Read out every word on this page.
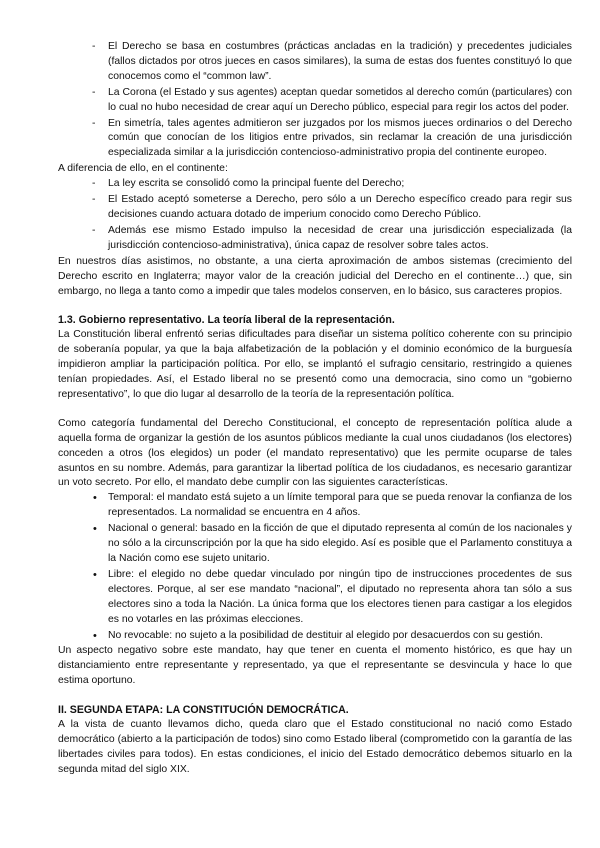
- El Derecho se basa en costumbres (prácticas ancladas en la tradición) y precedentes judiciales (fallos dictados por otros jueces en casos similares), la suma de estas dos fuentes constituyó lo que conocemos como el “common law”.
- La Corona (el Estado y sus agentes) aceptan quedar sometidos al derecho común (particulares) con lo cual no hubo necesidad de crear aquí un Derecho público, especial para regir los actos del poder.
- En simetría, tales agentes admitieron ser juzgados por los mismos jueces ordinarios o del Derecho común que conocían de los litigios entre privados, sin reclamar la creación de una jurisdicción especializada similar a la jurisdicción contencioso-administrativo propia del continente europeo.

A diferencia de ello, en el continente:

- La ley escrita se consolidó como la principal fuente del Derecho;
- El Estado aceptó someterse a Derecho, pero sólo a un Derecho específico creado para regir sus decisiones cuando actuara dotado de imperium conocido como Derecho Público.
- Además ese mismo Estado impulso la necesidad de crear una jurisdicción especializada (la jurisdicción contencioso-administrativa), única capaz de resolver sobre tales actos.

En nuestros días asistimos, no obstante, a una cierta aproximación de ambos sistemas (crecimiento del Derecho escrito en Inglaterra; mayor valor de la creación judicial del Derecho en el continente…) que, sin embargo, no llega a tanto como a impedir que tales modelos conserven, en lo básico, sus caracteres propios.

1.3. Gobierno representativo. La teoría liberal de la representación.

La Constitución liberal enfrentó serias dificultades para diseñar un sistema político coherente con su principio de soberanía popular, ya que la baja alfabetización de la población y el dominio económico de la burguesía impidieron ampliar la participación política. Por ello, se implantó el sufragio censitario, restringido a quienes tenían propiedades. Así, el Estado liberal no se presentó como una democracia, sino como un “gobierno representativo”, lo que dio lugar al desarrollo de la teoría de la representación política.

Como categoría fundamental del Derecho Constitucional, el concepto de representación política alude a aquella forma de organizar la gestión de los asuntos públicos mediante la cual unos ciudadanos (los electores) conceden a otros (los elegidos) un poder (el mandato representativo) que les permite ocuparse de tales asuntos en su nombre. Además, para garantizar la libertad política de los ciudadanos, es necesario garantizar un voto secreto. Por ello, el mandato debe cumplir con las siguientes características.

• Temporal: el mandato está sujeto a un límite temporal para que se pueda renovar la confianza de los representados. La normalidad se encuentra en 4 años.
• Nacional o general: basado en la ficción de que el diputado representa al común de los nacionales y no sólo a la circunscripción por la que ha sido elegido. Así es posible que el Parlamento constituya a la Nación como ese sujeto unitario.
• Libre: el elegido no debe quedar vinculado por ningún tipo de instrucciones procedentes de sus electores. Porque, al ser ese mandato “nacional”, el diputado no representa ahora tan sólo a sus electores sino a toda la Nación. La única forma que los electores tienen para castigar a los elegidos es no votarles en las próximas elecciones.
• No revocable: no sujeto a la posibilidad de destituir al elegido por desacuerdos con su gestión.

Un aspecto negativo sobre este mandato, hay que tener en cuenta el momento histórico, es que hay un distanciamiento entre representante y representado, ya que el representante se desvincula y hace lo que estima oportuno.

II. SEGUNDA ETAPA: LA CONSTITUCIÓN DEMOCRÁTICA.

A la vista de cuanto llevamos dicho, queda claro que el Estado constitucional no nació como Estado democrático (abierto a la participación de todos) sino como Estado liberal (comprometido con la garantía de las libertades civiles para todos). En estas condiciones, el inicio del Estado democrático debemos situarlo en la segunda mitad del siglo XIX.
